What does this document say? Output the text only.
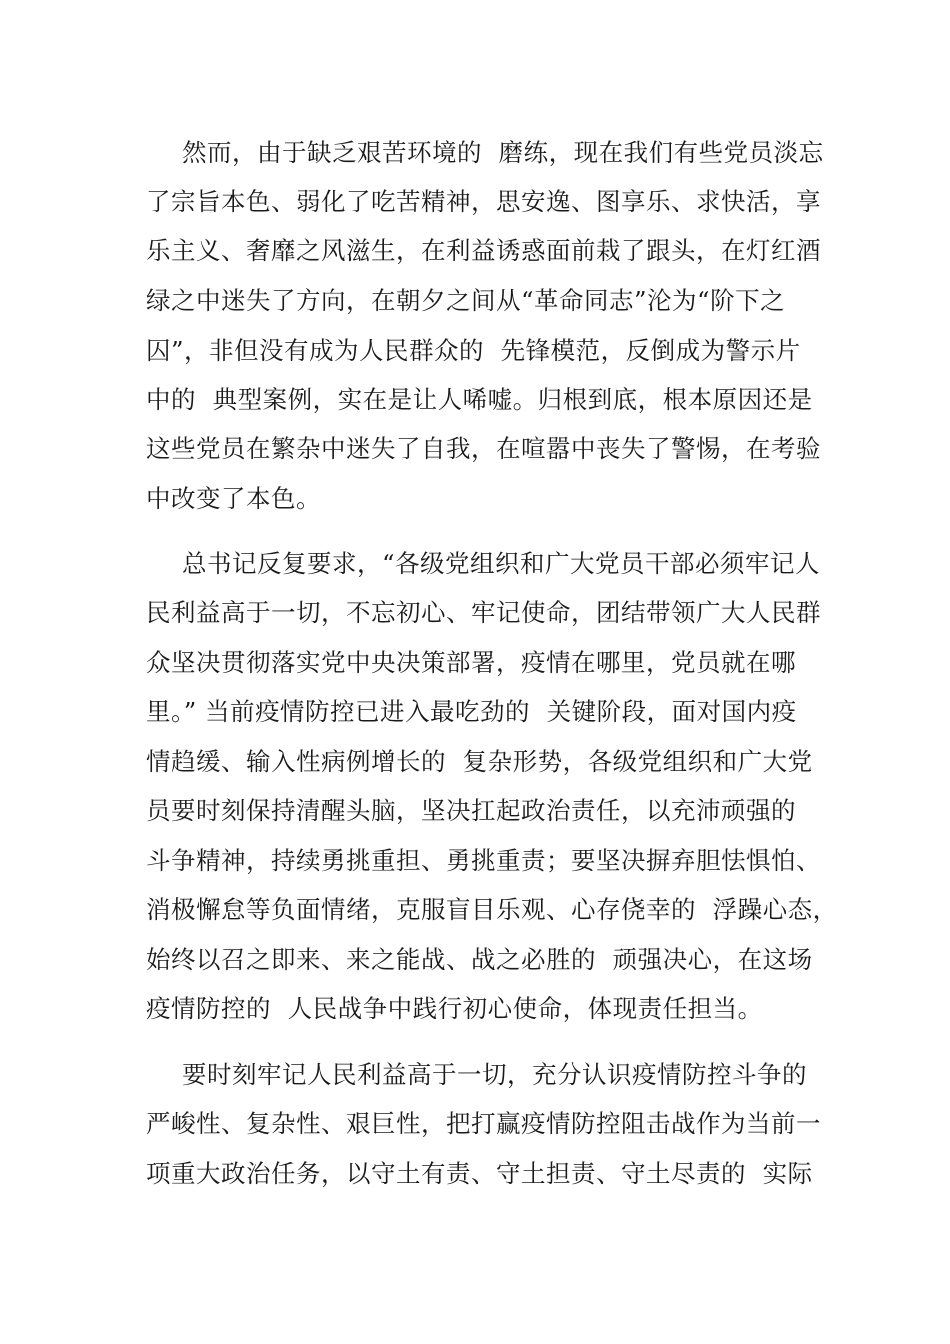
然而，由于缺乏艰苦环境的  磨练，现在我们有些党员淡忘
了宗旨本色、弱化了吃苦精神，思安逸、图享乐、求快活，享
乐主义、奢靡之风滋生，在利益诱惑面前栽了跟头，在灯红酒
绿之中迷失了方向，在朝夕之间从“革命同志”沦为“阶下之
囚”，非但没有成为人民群众的  先锋模范，反倒成为警示片
中的  典型案例，实在是让人唏嘘。归根到底，根本原因还是
这些党员在繁杂中迷失了自我，在喧嚣中丧失了警惕，在考验
中改变了本色。
总书记反复要求，“各级党组织和广大党员干部必须牢记人
民利益高于一切，不忘初心、牢记使命，团结带领广大人民群
众坚决贯彻落实党中央决策部署，疫情在哪里，党员就在哪
里。” 当前疫情防控已进入最吃劲的  关键阶段，面对国内疫
情趋缓、输入性病例增长的  复杂形势，各级党组织和广大党
员要时刻保持清醒头脑，坚决扛起政治责任，以充沛顽强的
斗争精神，持续勇挑重担、勇挑重责；要坚决摒弃胆怯惧怕、
消极懈怠等负面情绪，克服盲目乐观、心存侥幸的  浮躁心态，
始终以召之即来、来之能战、战之必胜的  顽强决心，在这场
疫情防控的  人民战争中践行初心使命，体现责任担当。
要时刻牢记人民利益高于一切，充分认识疫情防控斗争的
严峻性、复杂性、艰巨性，把打赢疫情防控阻击战作为当前一
项重大政治任务，以守土有责、守土担责、守土尽责的  实际
